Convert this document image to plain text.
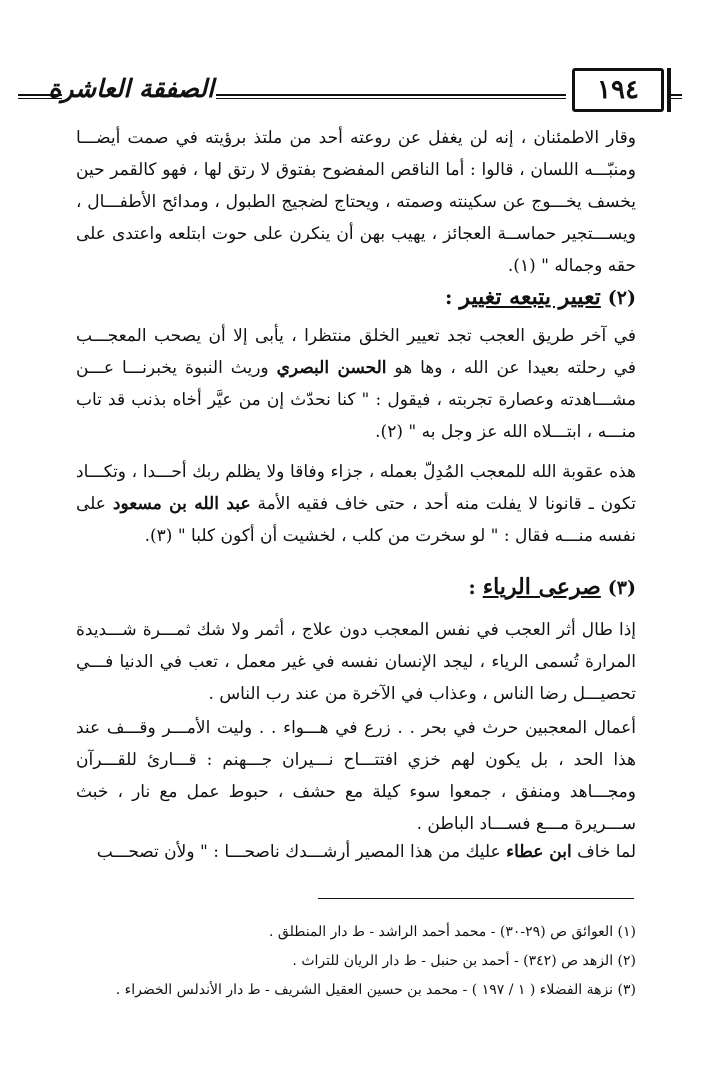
الصفقة العاشرة	١٩٤

وقار الاطمئنان ، إنه لن يغفل عن روعته أحد من ملتذ برؤيته في صمت أيضـــا ومنبّـــه اللسان ، قالوا : أما الناقص المفضوح بفتوق لا رتق لها ، فهو كالقمر حين يخسف يخـــوج عن سكينته وصمته ، ويحتاج لضجيج الطبول ، ومدائح الأطفـــال ، ويســـتجير حماســة العجائز ، يهيب بهن أن ينكرن على حوت ابتلعه واعتدى على حقه وجماله " (١).

(٢) تعيير يتبعه تغيير :

في آخر طريق العجب تجد تعيير الخلق منتظرا ، يأبى إلا أن يصحب المعجـــب في رحلته بعيدا عن الله ، وها هو الحسن البصري وريث النبوة يخبرنـــا عـــن مشـــاهدته وعصارة تجربته ، فيقول : " كنا نحدّث إن من عيَّر أخاه بذنب قد تاب منـــه ، ابتـــلاه الله عز وجل به " (٢).

هذه عقوبة الله للمعجب المُدِلّ بعمله ، جزاء وفاقا ولا يظلم ربك أحـــدا ، وتكـــاد تكون ـ قانونا لا يفلت منه أحد ، حتى خاف فقيه الأمة عبد الله بن مسعود على نفسه منـــه فقال : " لو سخرت من كلب ، لخشيت أن أكون كلبا " (٣).

(٣) صرعى الرياء :

إذا طال أثر العجب في نفس المعجب دون علاج ، أثمر ولا شك ثمـــرة شـــديدة المرارة تُسمى الرياء ، ليجد الإنسان نفسه في غير معمل ، تعب في الدنيا فـــي تحصيـــل رضا الناس ، وعذاب في الآخرة من عند رب الناس .

أعمال المعجبين حرث في بحر . . زرع في هـــواء . . وليت الأمـــر وقـــف عند هذا الحد ، بل يكون لهم خزي افتتـــاح نـــيران جـــهنم : قـــارئ للقـــرآن ومجـــاهد ومنفق ، جمعوا سوء كيلة مع حشف ، حبوط عمل مع نار ، خبث ســـريرة مـــع فســـاد الباطن .

لما خاف ابن عطاء عليك من هذا المصير أرشـــدك ناصحـــا : " ولأن تصحـــب

(١) العوائق ص (٢٩-٣٠) - محمد أحمد الراشد - ط دار المنطلق .
(٢) الزهد ص (٣٤٢) - أحمد بن حنبل - ط دار الريان للتراث .
(٣) نزهة الفضلاء ( ١ / ١٩٧ ) - محمد بن حسين العقيل الشريف - ط دار الأندلس الخضراء .
